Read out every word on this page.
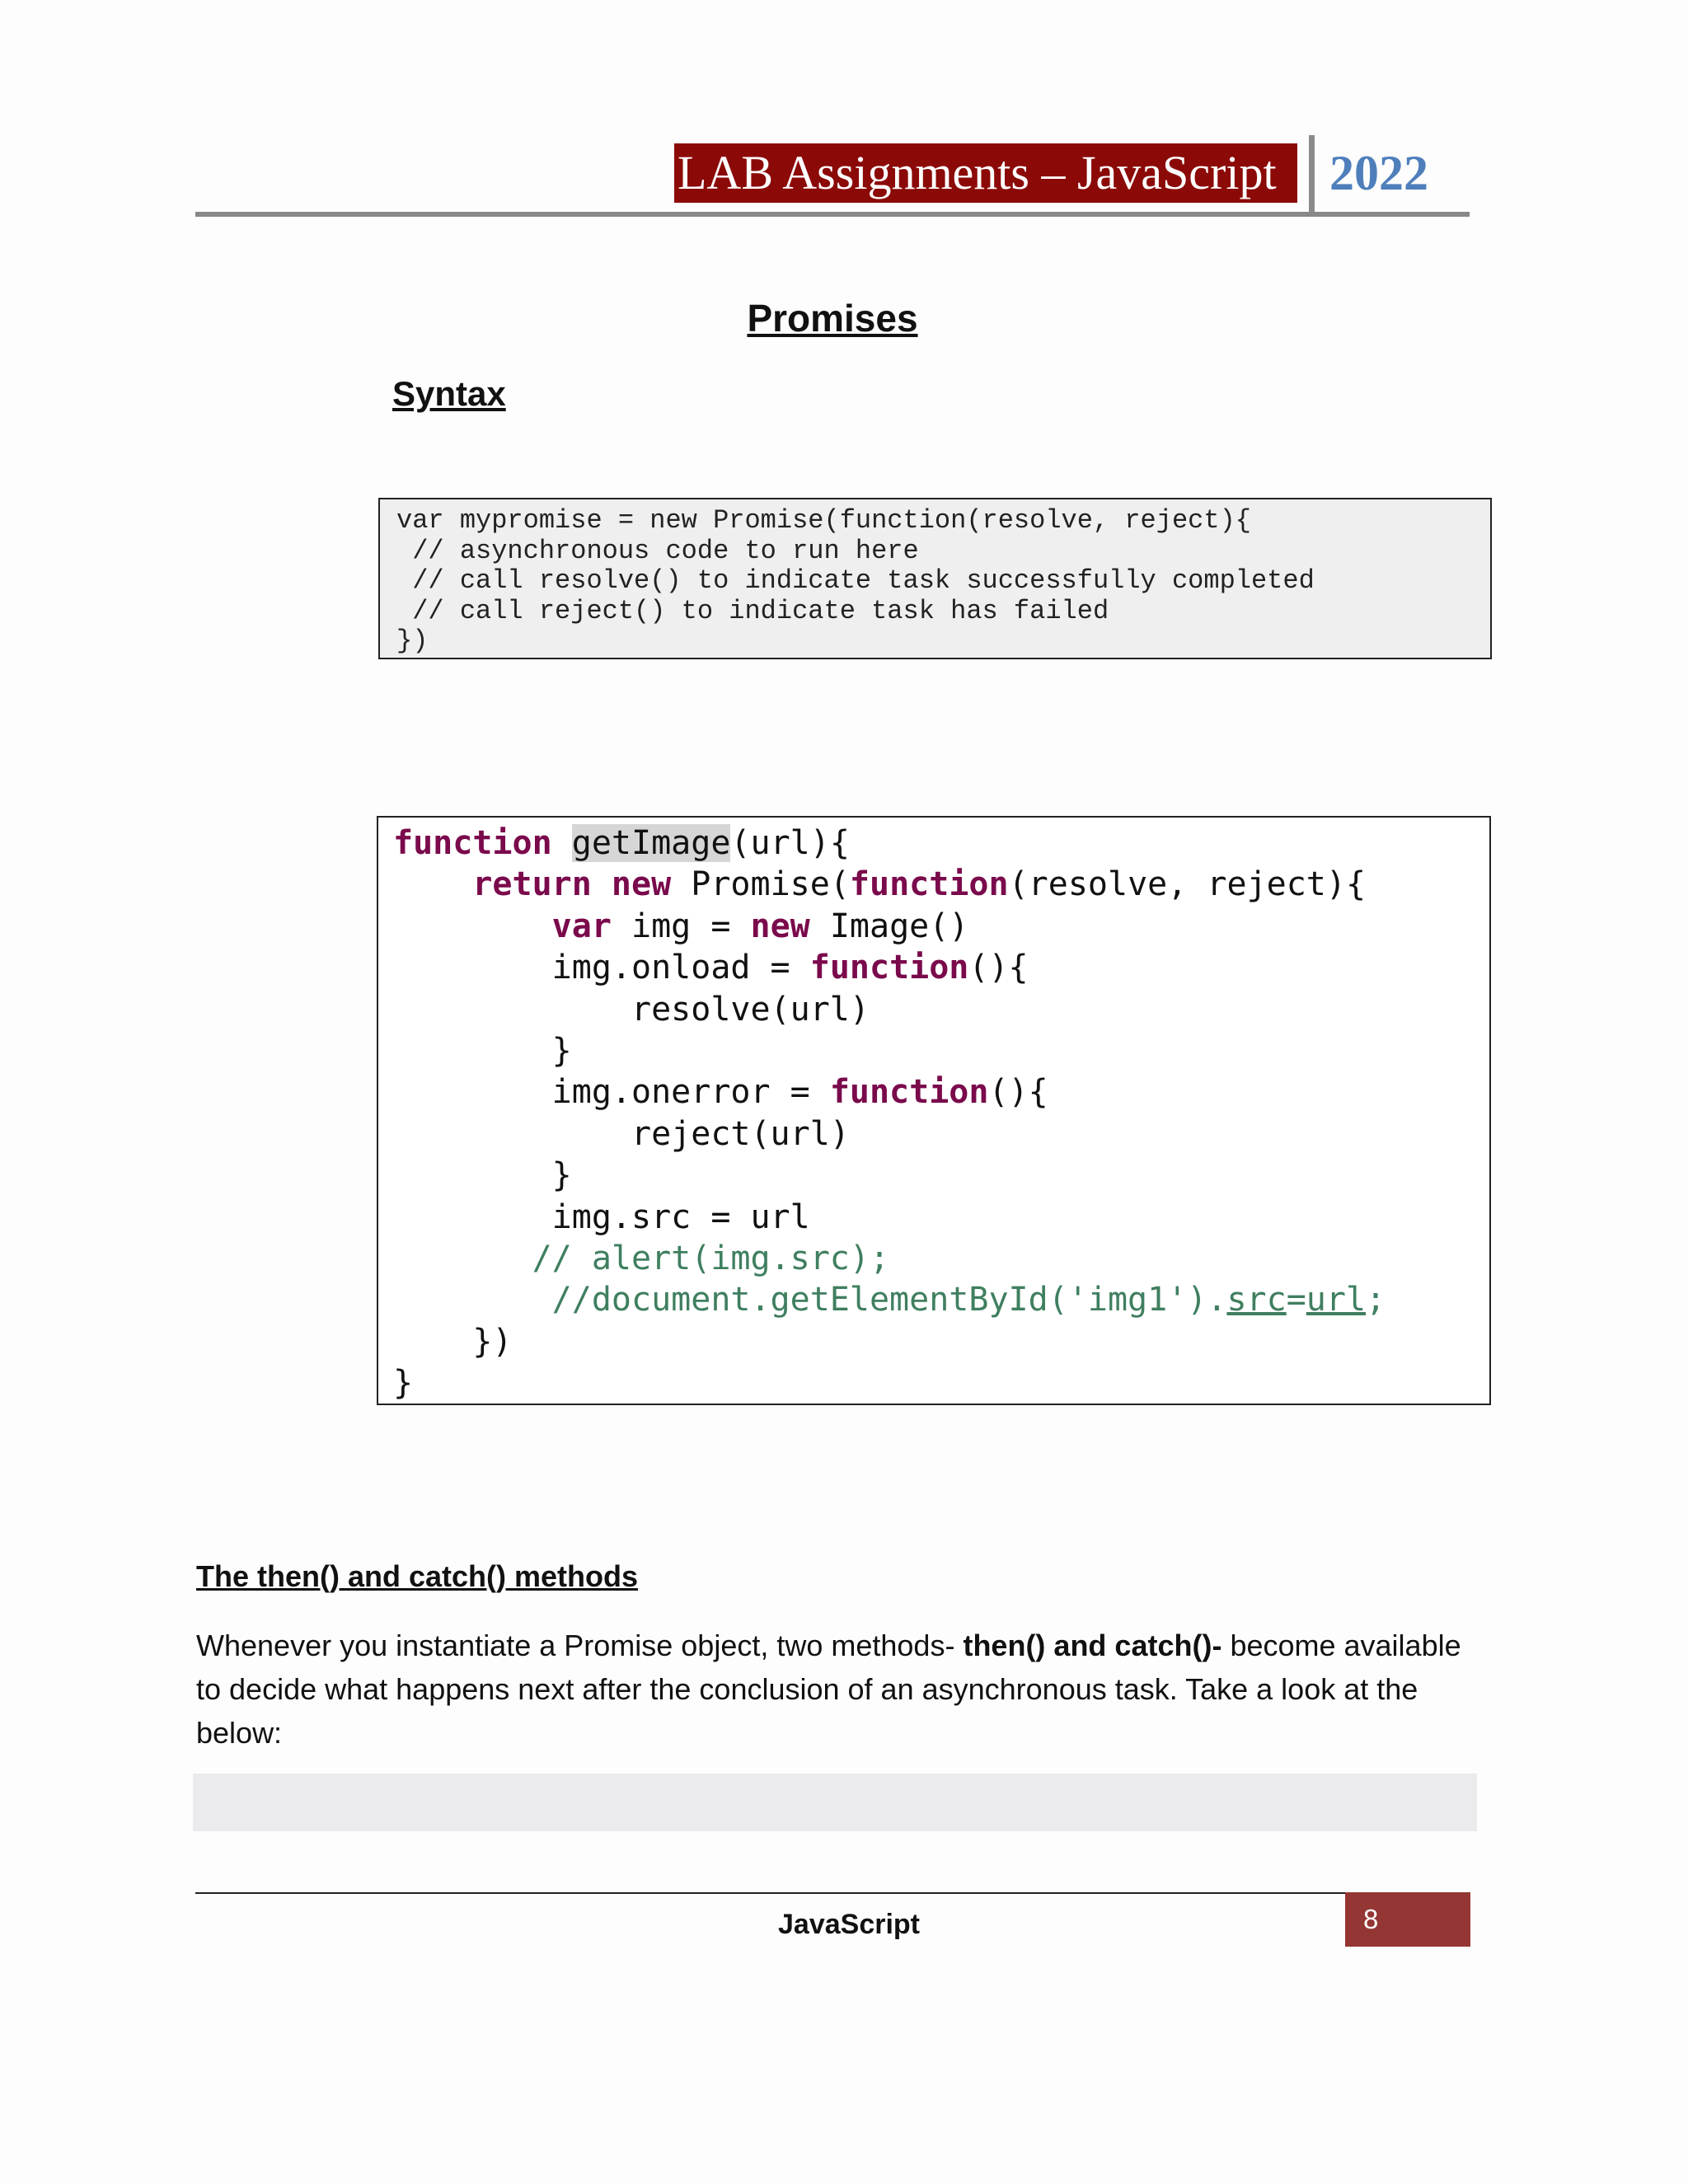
LAB Assignments – JavaScript	2022
Promises
Syntax
var mypromise = new Promise(function(resolve, reject){
// asynchronous code to run here
// call resolve() to indicate task successfully completed
// call reject() to indicate task has failed
})
function getImage(url){
return new Promise(function(resolve, reject){
var img = new Image()
img.onload = function(){
resolve(url)
}
img.onerror = function(){
reject(url)
}
img.src = url
// alert(img.src);
//document.getElementById('img1').src=url;
})
}
The then() and catch() methods

Whenever you instantiate a Promise object, two methods- then() and catch()- become available to decide what happens next after the conclusion of an asynchronous task. Take a look at the below:

JavaScript	8
